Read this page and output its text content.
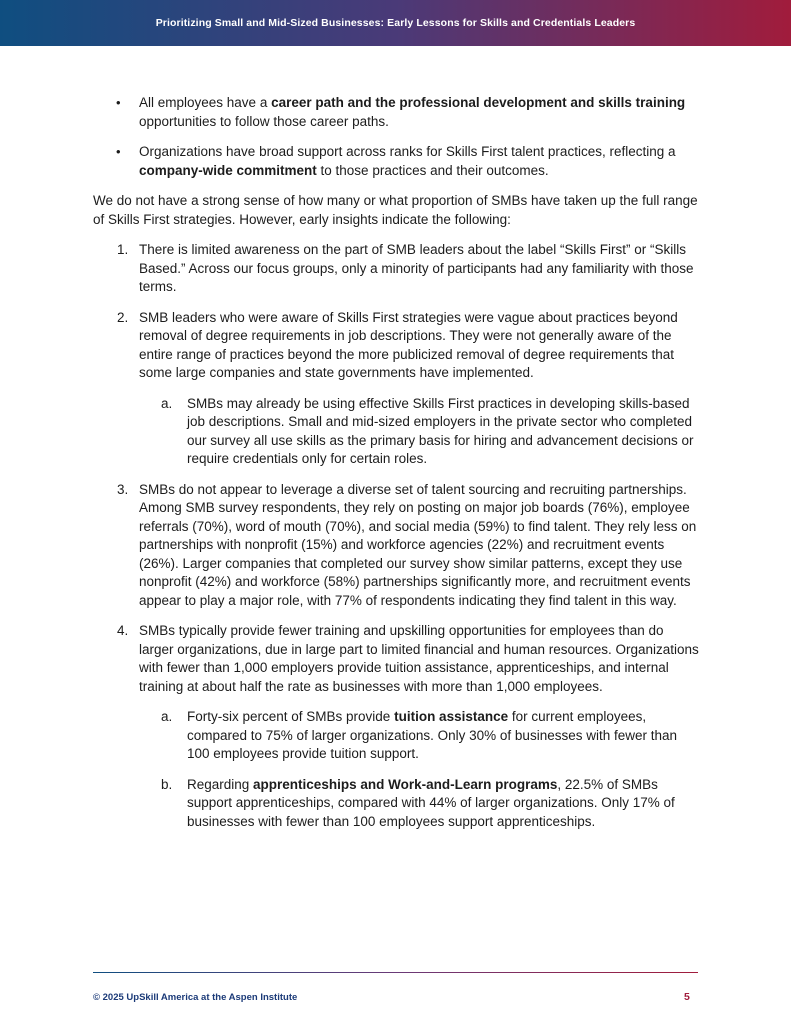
Prioritizing Small and Mid-Sized Businesses: Early Lessons for Skills and Credentials Leaders
• All employees have a career path and the professional development and skills training opportunities to follow those career paths.
• Organizations have broad support across ranks for Skills First talent practices, reflecting a company-wide commitment to those practices and their outcomes.

We do not have a strong sense of how many or what proportion of SMBs have taken up the full range of Skills First strategies. However, early insights indicate the following:

1. There is limited awareness on the part of SMB leaders about the label “Skills First” or “Skills Based.” Across our focus groups, only a minority of participants had any familiarity with those terms.
2. SMB leaders who were aware of Skills First strategies were vague about practices beyond removal of degree requirements in job descriptions. They were not generally aware of the entire range of practices beyond the more publicized removal of degree requirements that some large companies and state governments have implemented.
a. SMBs may already be using effective Skills First practices in developing skills-based job descriptions. Small and mid-sized employers in the private sector who completed our survey all use skills as the primary basis for hiring and advancement decisions or require credentials only for certain roles.
3. SMBs do not appear to leverage a diverse set of talent sourcing and recruiting partnerships. Among SMB survey respondents, they rely on posting on major job boards (76%), employee referrals (70%), word of mouth (70%), and social media (59%) to find talent. They rely less on partnerships with nonprofit (15%) and workforce agencies (22%) and recruitment events (26%). Larger companies that completed our survey show similar patterns, except they use nonprofit (42%) and workforce (58%) partnerships significantly more, and recruitment events appear to play a major role, with 77% of respondents indicating they find talent in this way.
4. SMBs typically provide fewer training and upskilling opportunities for employees than do larger organizations, due in large part to limited financial and human resources. Organizations with fewer than 1,000 employers provide tuition assistance, apprenticeships, and internal training at about half the rate as businesses with more than 1,000 employees.
a. Forty-six percent of SMBs provide tuition assistance for current employees, compared to 75% of larger organizations. Only 30% of businesses with fewer than 100 employees provide tuition support.
b. Regarding apprenticeships and Work-and-Learn programs, 22.5% of SMBs support apprenticeships, compared with 44% of larger organizations. Only 17% of businesses with fewer than 100 employees support apprenticeships.
© 2025 UpSkill America at the Aspen Institute	5
